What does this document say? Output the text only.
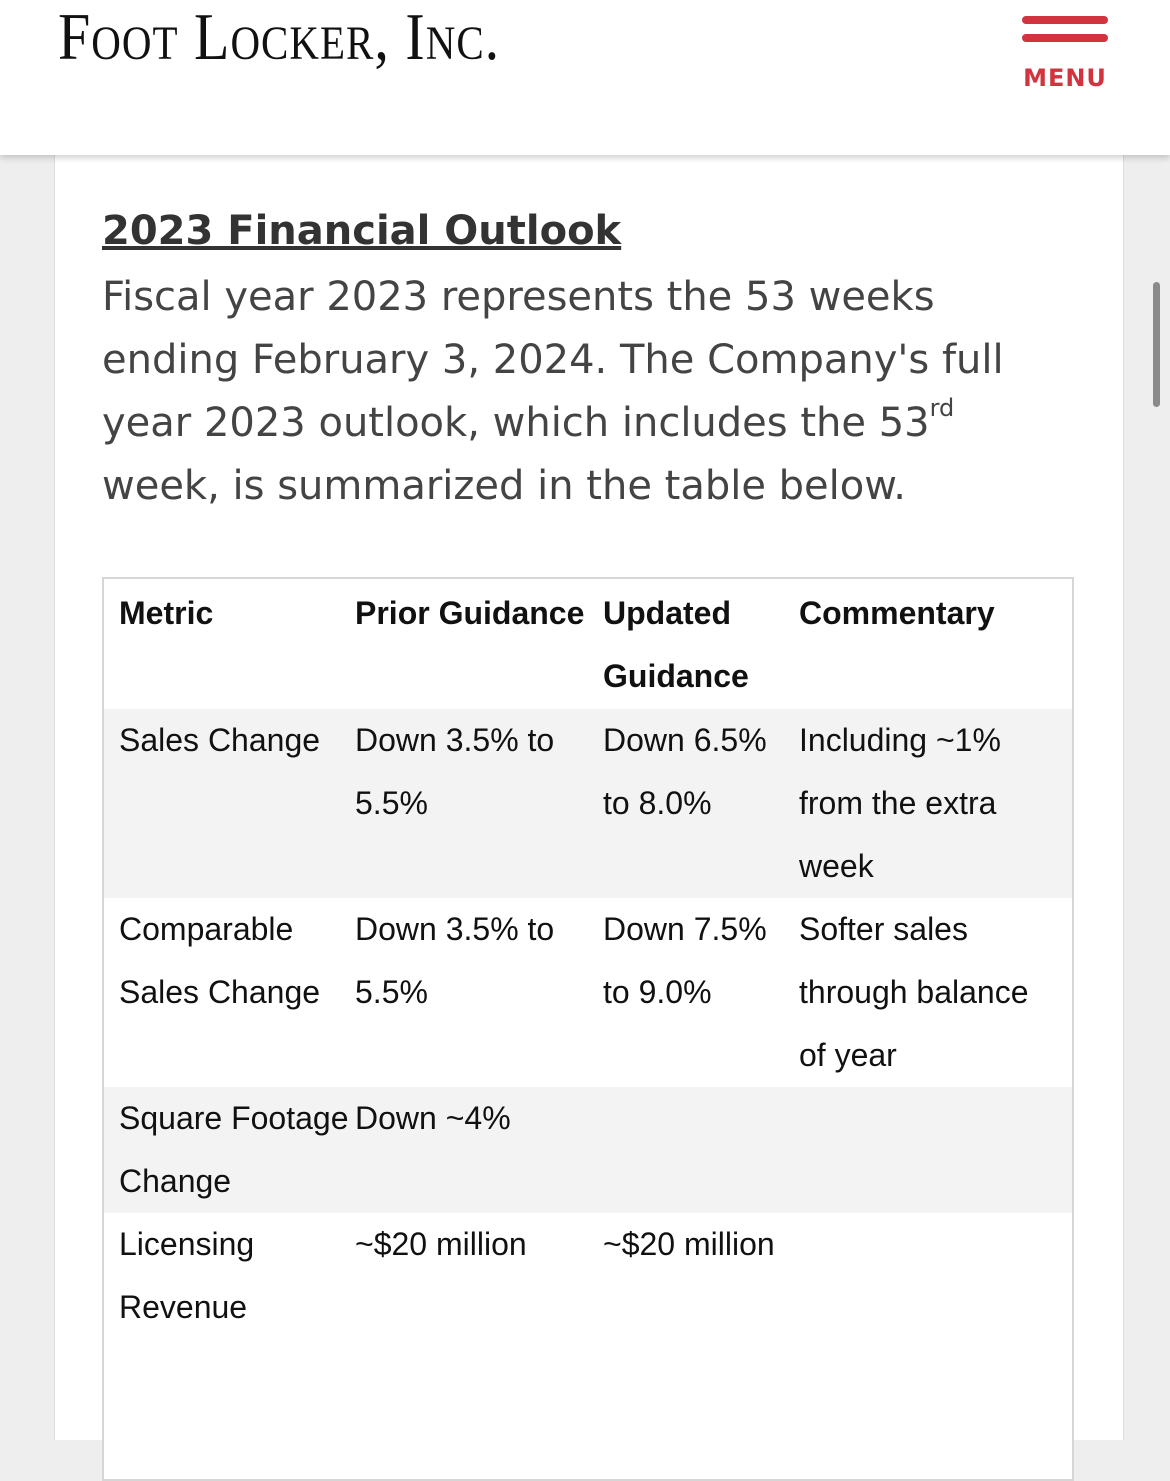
Foot Locker, Inc.
MENU
2023 Financial Outlook
Fiscal year 2023 represents the 53 weeks ending February 3, 2024. The Company's full year 2023 outlook, which includes the 53rd week, is summarized in the table below.
Metric	Prior Guidance	Updated Guidance	Commentary
Sales Change	Down 3.5% to 5.5%	Down 6.5% to 8.0%	Including ~1% from the extra week
Comparable Sales Change	Down 3.5% to 5.5%	Down 7.5% to 9.0%	Softer sales through balance of year
Square Footage Change	Down ~4%		
Licensing Revenue	~$20 million	~$20 million	
